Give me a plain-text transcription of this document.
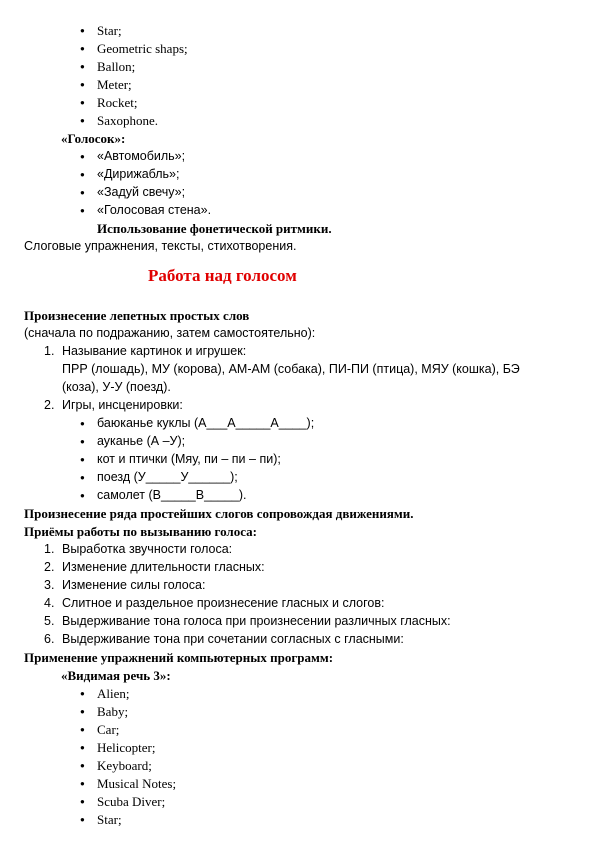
● Star;
● Geometric shaps;
● Ballon;
● Meter;
● Rocket;
● Saxophone.
«Голосок»:
● «Автомобиль»;
● «Дирижабль»;
● «Задуй свечу»;
● «Голосовая стена».
Использование фонетической ритмики.
Слоговые упражнения, тексты, стихотворения.
Работа над голосом
Произнесение лепетных простых слов
(сначала по подражанию, затем самостоятельно):
1. Называние картинок и игрушек:
ПРР (лошадь), МУ (корова), АМ-АМ (собака), ПИ-ПИ (птица), МЯУ (кошка), БЭ
(коза), У-У (поезд).
2. Игры, инсценировки:
● баюканье куклы (А___А_____А____);
● ауканье (А –У);
● кот и птички (Мяу, пи – пи – пи);
● поезд (У_____У______);
● самолет (В_____В_____).
Произнесение ряда простейших слогов сопровождая движениями.
Приёмы работы по вызыванию голоса:
1. Выработка звучности голоса:
2. Изменение длительности гласных:
3. Изменение силы голоса:
4. Слитное и раздельное произнесение гласных и слогов:
5. Выдерживание тона голоса при произнесении различных гласных:
6. Выдерживание тона при сочетании согласных с гласными:
Применение упражнений компьютерных программ:
«Видимая речь 3»:
● Alien;
● Baby;
● Car;
● Helicopter;
● Keyboard;
● Musical Notes;
● Scuba Diver;
● Star;
